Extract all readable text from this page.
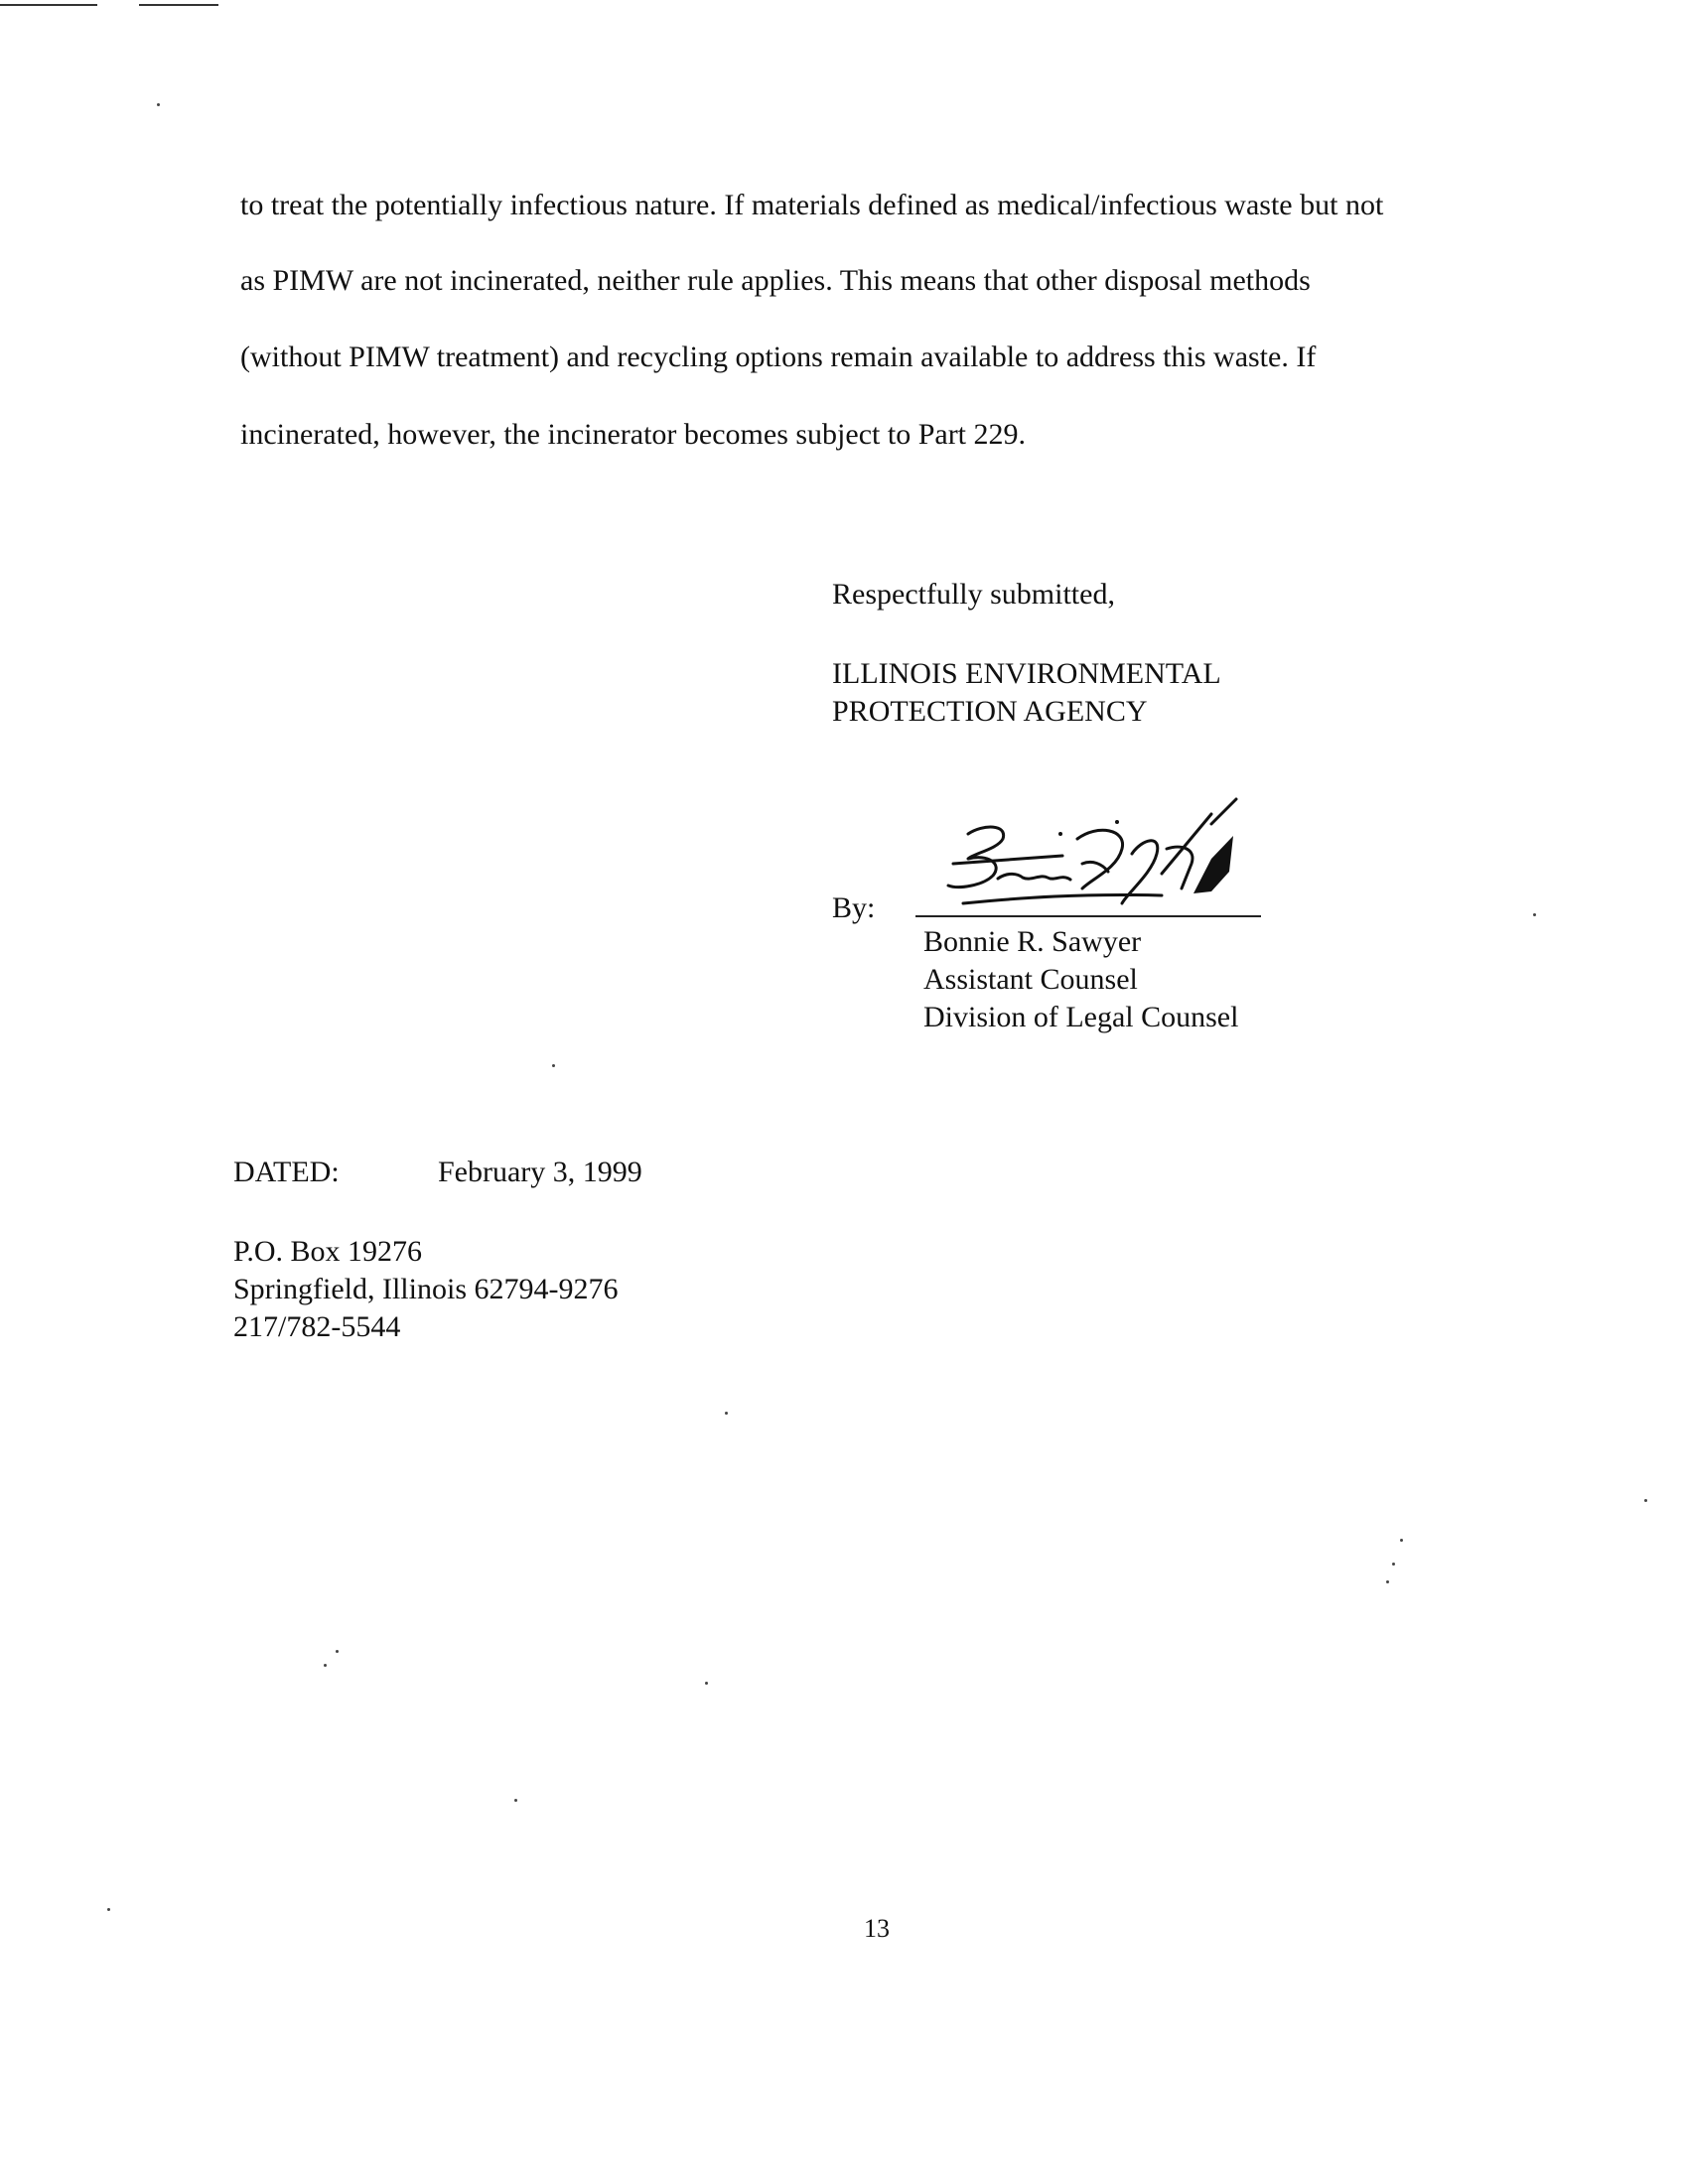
to treat the potentially infectious nature. If materials defined as medical/infectious waste but not
as PIMW are not incinerated, neither rule applies. This means that other disposal methods
(without PIMW treatment) and recycling options remain available to address this waste. If
incinerated, however, the incinerator becomes subject to Part 229.
Respectfully submitted,
ILLINOIS ENVIRONMENTAL
PROTECTION AGENCY
By:
Bonnie R. Sawyer
Assistant Counsel
Division of Legal Counsel
DATED:	February 3, 1999
P.O. Box 19276
Springfield, Illinois 62794-9276
217/782-5544
13
